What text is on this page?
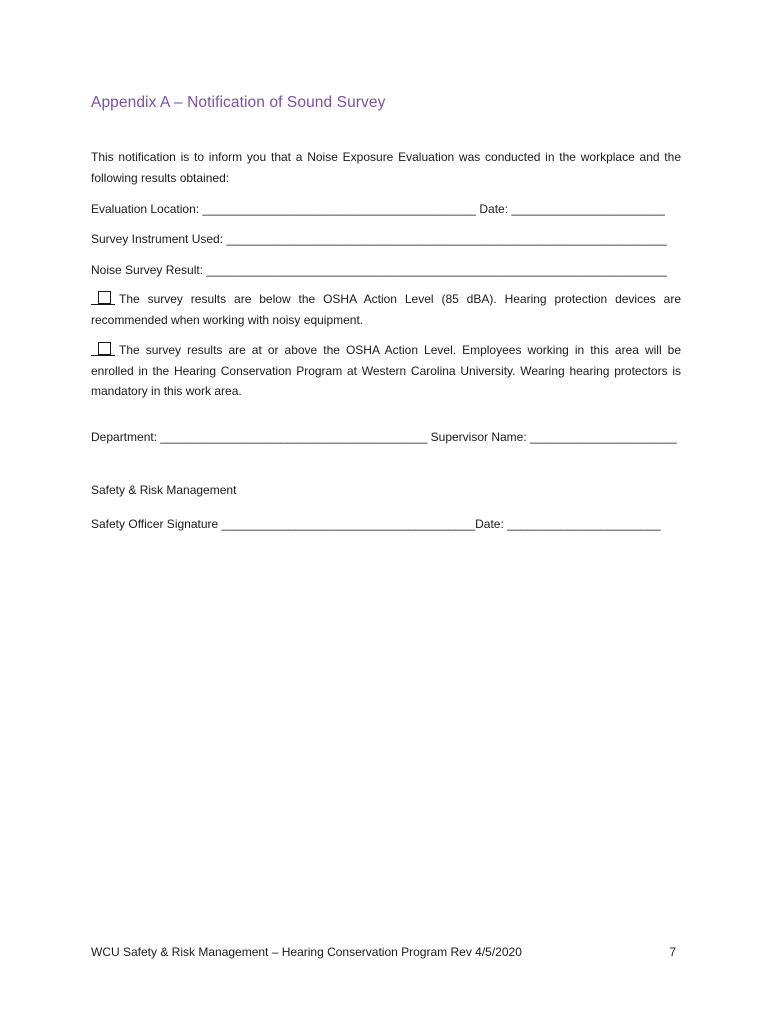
Appendix A – Notification of Sound Survey
This notification is to inform you that a Noise Exposure Evaluation was conducted in the workplace and the following results obtained:
Evaluation Location: _________________________________________ Date: _______________________
Survey Instrument Used: __________________________________________________________________
Noise Survey Result: _____________________________________________________________________
The survey results are below the OSHA Action Level (85 dBA). Hearing protection devices are recommended when working with noisy equipment.
The survey results are at or above the OSHA Action Level. Employees working in this area will be enrolled in the Hearing Conservation Program at Western Carolina University. Wearing hearing protectors is mandatory in this work area.
Department: ________________________________________ Supervisor Name: ______________________
Safety & Risk Management
Safety Officer Signature ______________________________________Date: _______________________
WCU Safety & Risk Management – Hearing Conservation Program Rev 4/5/2020	7
